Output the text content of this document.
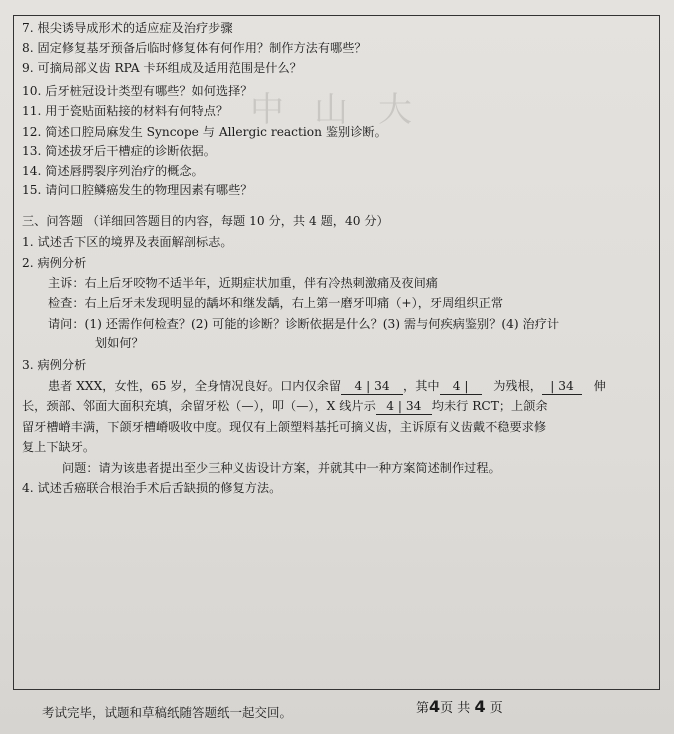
中山大
7. 根尖诱导成形术的适应症及治疗步骤
8. 固定修复基牙预备后临时修复体有何作用？制作方法有哪些？
9. 可摘局部义齿 RPA 卡环组成及适用范围是什么？
10. 后牙桩冠设计类型有哪些？如何选择？
11. 用于瓷贴面粘接的材料有何特点？
12. 简述口腔局麻发生 Syncope 与 Allergic reaction 鉴别诊断。
13. 简述拔牙后干槽症的诊断依据。
14. 简述唇腭裂序列治疗的概念。
15. 请问口腔鳞癌发生的物理因素有哪些？
三、问答题 （详细回答题目的内容，每题 10 分，共 4 题，40 分）
1. 试述舌下区的境界及表面解剖标志。
2. 病例分析
主诉：右上后牙咬物不适半年，近期症状加重，伴有冷热刺激痛及夜间痛
检查：右上后牙未发现明显的龋坏和继发龋，右上第一磨牙叩痛（+），牙周组织正常
请问：(1) 还需作何检查？(2) 可能的诊断？诊断依据是什么？(3) 需与何疾病鉴别？(4) 治疗计
划如何？
3. 病例分析
患者 XXX，女性，65 岁，全身情况良好。口内仅余留 4 | 34 ，其中 4 | 为残根， | 34 伸
长，颈部、邻面大面积充填，余留牙松（—），叩（—），X 线片示 4 | 34 均未行 RCT；上颌余
留牙槽嵴丰满，下颌牙槽嵴吸收中度。现仅有上颌塑料基托可摘义齿，主诉原有义齿戴不稳要求修
复上下缺牙。
问题：请为该患者提出至少三种义齿设计方案，并就其中一种方案简述制作过程。
4. 试述舌癌联合根治手术后舌缺损的修复方法。
考试完毕，试题和草稿纸随答题纸一起交回。	第4页 共 4 页
